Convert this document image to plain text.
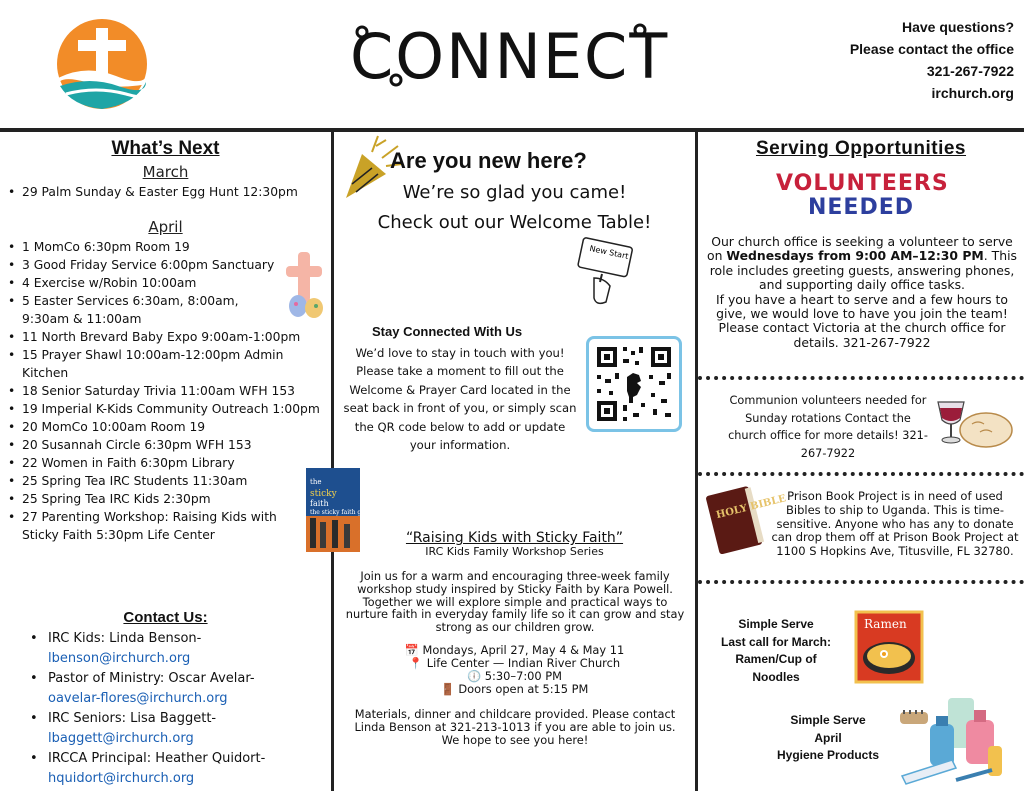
CONNECT	Have questions?
Please contact the office
321-267-7922
irchurch.org
What’s Next
March
• 29 Palm Sunday & Easter Egg Hunt 12:30pm
April
• 1 MomCo 6:30pm Room 19
• 3 Good Friday Service 6:00pm Sanctuary
• 4 Exercise w/Robin 10:00am
• 5 Easter Services 6:30am, 8:00am, 9:30am & 11:00am
• 11 North Brevard Baby Expo 9:00am-1:00pm
• 15 Prayer Shawl 10:00am-12:00pm Admin Kitchen
• 18 Senior Saturday Trivia 11:00am WFH 153
• 19 Imperial K-Kids Community Outreach 1:00pm
• 20 MomCo 10:00am Room 19
• 20 Susannah Circle 6:30pm WFH 153
• 22 Women in Faith 6:30pm Library
• 25 Spring Tea IRC Students 11:30am
• 25 Spring Tea IRC Kids 2:30pm
• 27 Parenting Workshop: Raising Kids with Sticky Faith 5:30pm Life Center
Contact Us:
• IRC Kids: Linda Benson-
lbenson@irchurch.org
• Pastor of Ministry: Oscar Avelar-
oavelar-flores@irchurch.org
• IRC Seniors: Lisa Baggett-
lbaggett@irchurch.org
• IRCCA Principal: Heather Quidort-
hquidort@irchurch.org
Are you new here?
We’re so glad you came!
Check out our Welcome Table!
New Start
Stay Connected With Us
We’d love to stay in touch with you! Please take a moment to fill out the Welcome & Prayer Card located in the seat back in front of you, or simply scan the QR code below to add or update your information.
the
sticky
faith
the sticky faith guide for your family
“Raising Kids with Sticky Faith”
IRC Kids Family Workshop Series
Join us for a warm and encouraging three-week family workshop study inspired by Sticky Faith by Kara Powell. Together we will explore simple and practical ways to nurture faith in everyday family life so it can grow and stay strong as our children grow.
📅 Mondays, April 27, May 4 & May 11
📍 Life Center — Indian River Church
🕕 5:30–7:00 PM
🚪 Doors open at 5:15 PM
Materials, dinner and childcare provided. Please contact Linda Benson at 321-213-1013 if you are able to join us. We hope to see you here!
Serving Opportunities
VOLUNTEERS
NEEDED
Our church office is seeking a volunteer to serve on Wednesdays from 9:00 AM–12:30 PM. This role includes greeting guests, answering phones, and supporting daily office tasks.
If you have a heart to serve and a few hours to give, we would love to have you join the team! Please contact Victoria at the church office for details. 321-267-7922
Communion volunteers needed for Sunday rotations Contact the church office for more details! 321-267-7922
HOLY BIBLE Prison Book Project is in need of used Bibles to ship to Uganda. This is time-sensitive. Anyone who has any to donate can drop them off at Prison Book Project at 1100 S Hopkins Ave, Titusville, FL 32780.
Simple Serve
Last call for March:
Ramen/Cup of
Noodles
Ramen
Simple Serve
April
Hygiene Products
